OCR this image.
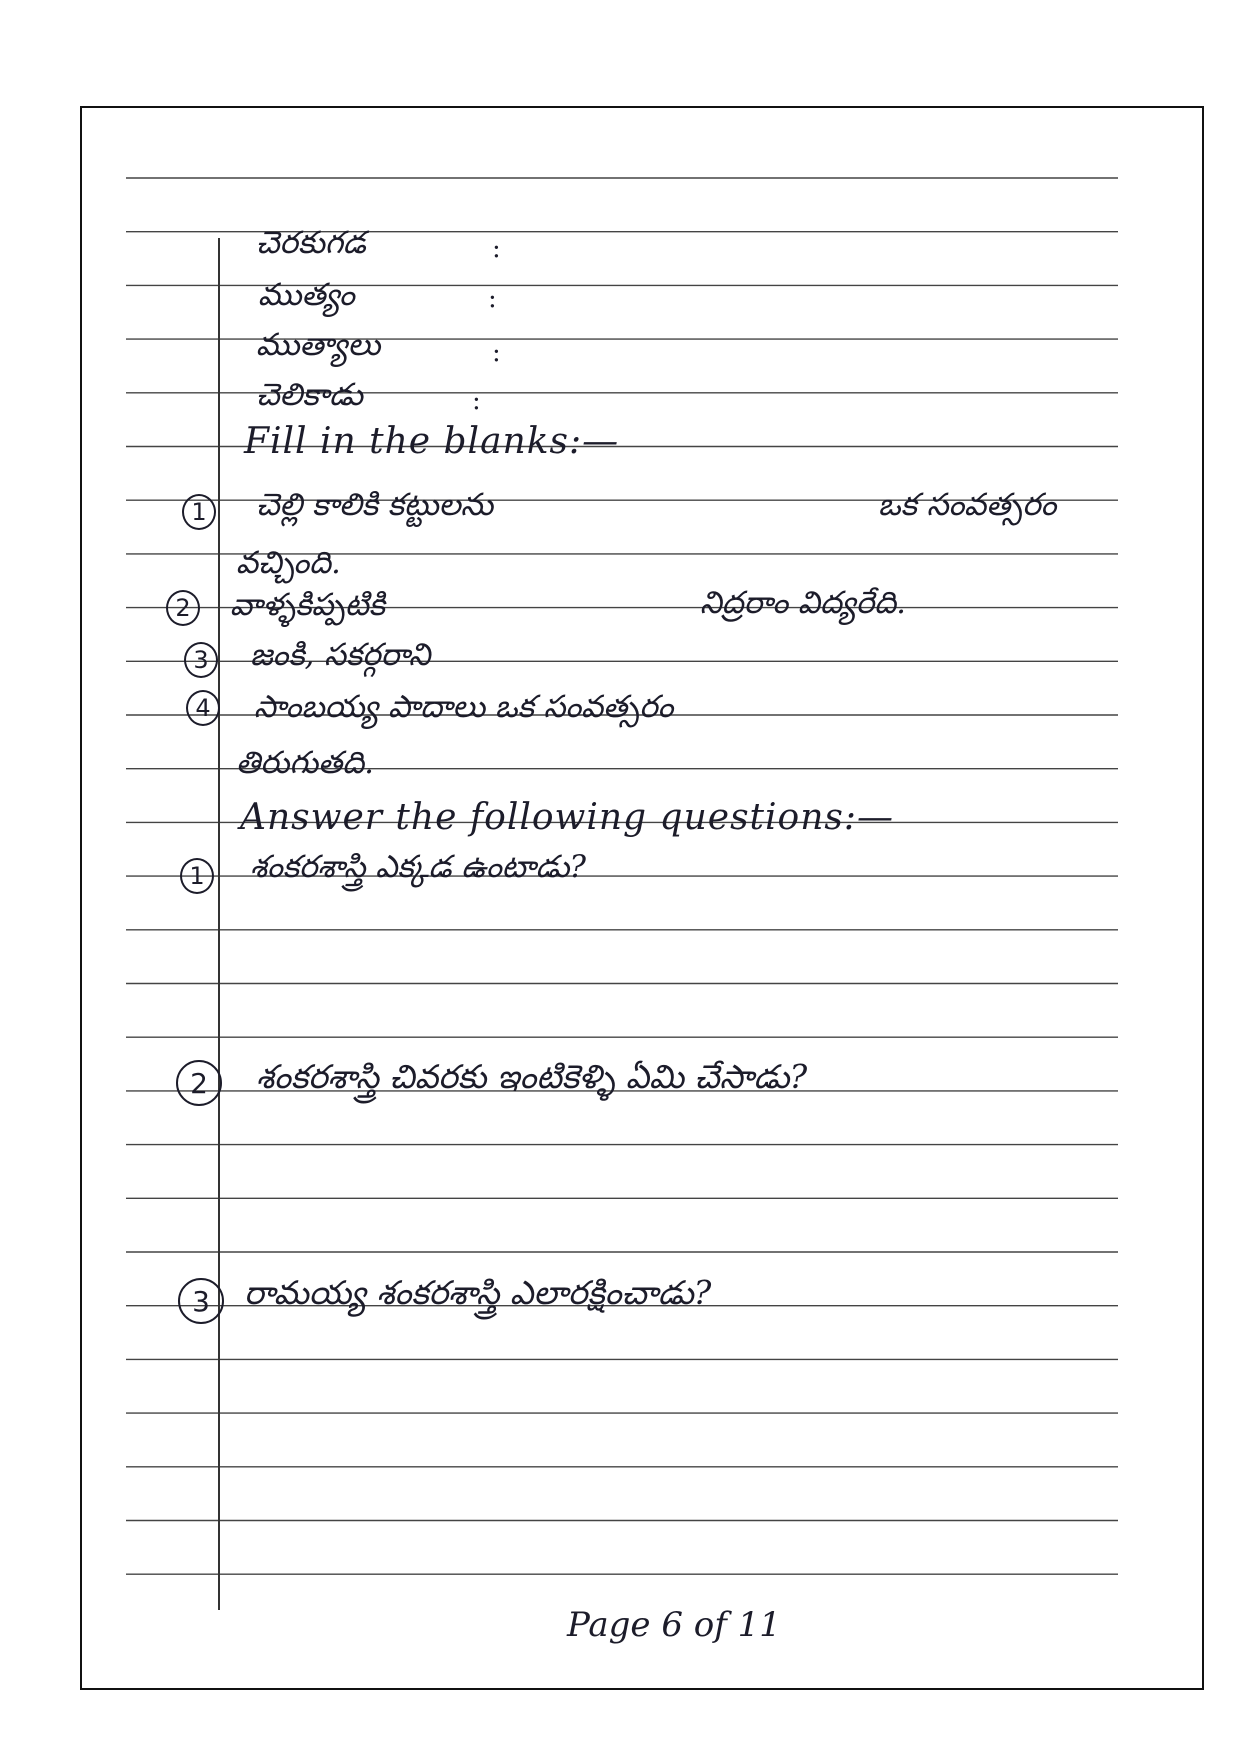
చెరకుగడ	:
ముత్యం	:
ముత్యాలు	:
చెలికాడు	:
Fill in the blanks:—
1	చెల్లి కాలికి కట్టులను	ఒక సంవత్సరం
వచ్చింది.
2	వాళ్ళకిప్పటికి	నిద్రరాం విద్యరేది.
3	జంకి, సకర్గరాని
4	సాంబయ్య పాదాలు ఒక సంవత్సరం
తిరుగుతది.
Answer the following questions:—
1	శంకరశాస్త్రి ఎక్కడ ఉంటాడు?
2	శంకరశాస్త్రి చివరకు ఇంటికెళ్ళి ఏమి చేసాడు?
3	రామయ్య శంకరశాస్త్రి ఎలారక్షించాడు?
Page 6 of 11
